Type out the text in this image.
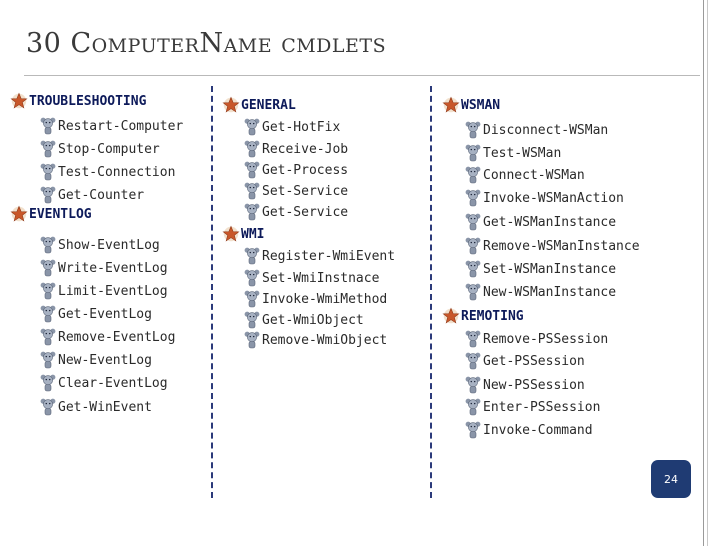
30 ComputerName cmdlets
TROUBLESHOOTING
Restart-Computer
Stop-Computer
Test-Connection
Get-Counter
EVENTLOG
Show-EventLog
Write-EventLog
Limit-EventLog
Get-EventLog
Remove-EventLog
New-EventLog
Clear-EventLog
Get-WinEvent
GENERAL
Get-HotFix
Receive-Job
Get-Process
Set-Service
Get-Service
WMI
Register-WmiEvent
Set-WmiInstnace
Invoke-WmiMethod
Get-WmiObject
Remove-WmiObject
WSMAN
Disconnect-WSMan
Test-WSMan
Connect-WSMan
Invoke-WSManAction
Get-WSManInstance
Remove-WSManInstance
Set-WSManInstance
New-WSManInstance
REMOTING
Remove-PSSession
Get-PSSession
New-PSSession
Enter-PSSession
Invoke-Command
24
